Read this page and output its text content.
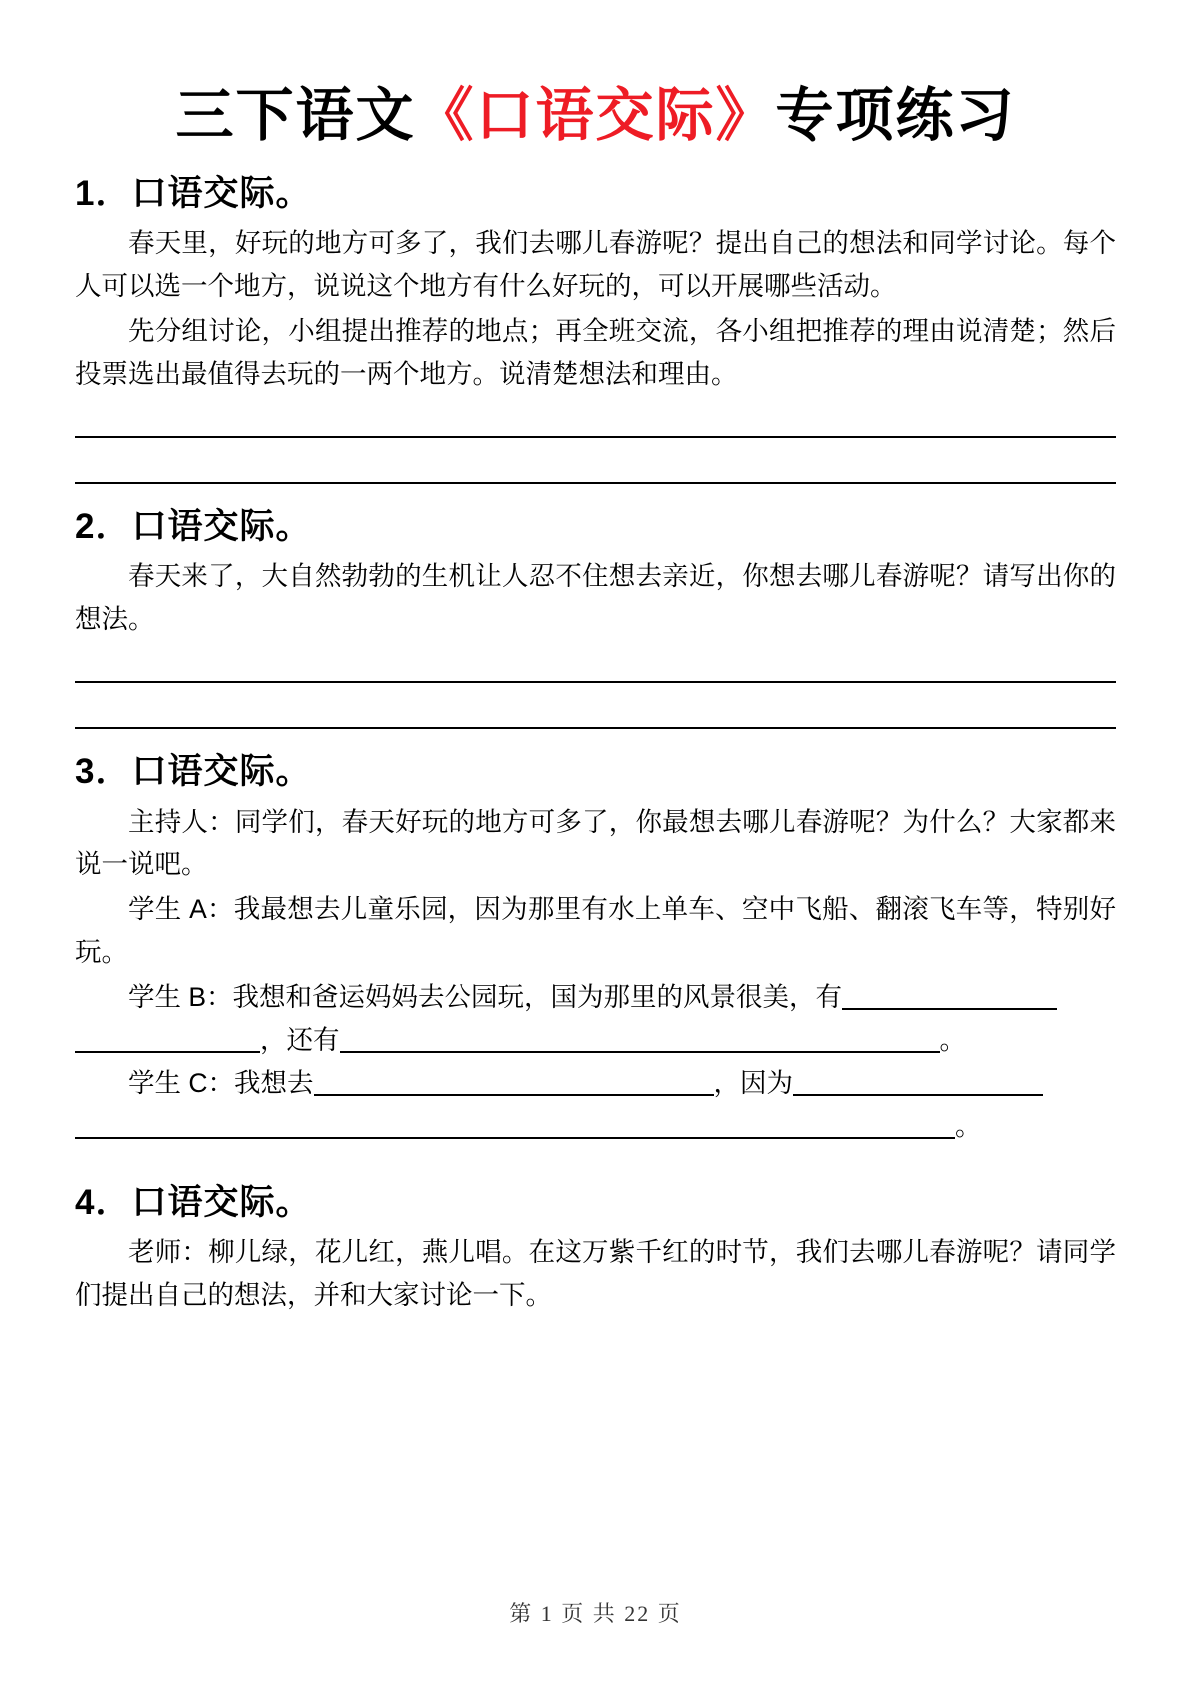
三下语文《口语交际》专项练习
1．口语交际。

春天里，好玩的地方可多了，我们去哪儿春游呢？提出自己的想法和同学讨论。每个人可以选一个地方，说说这个地方有什么好玩的，可以开展哪些活动。

先分组讨论，小组提出推荐的地点；再全班交流，各小组把推荐的理由说清楚；然后投票选出最值得去玩的一两个地方。说清楚想法和理由。

2．口语交际。

春天来了，大自然勃勃的生机让人忍不住想去亲近，你想去哪儿春游呢？请写出你的想法。

3．口语交际。

主持人：同学们，春天好玩的地方可多了，你最想去哪儿春游呢？为什么？大家都来说一说吧。

学生 A：我最想去儿童乐园，因为那里有水上单车、空中飞船、翻滚飞车等，特别好玩。

学生 B：我想和爸运妈妈去公园玩，国为那里的风景很美，有

，还有	。

学生 C：我想去	，因为

。

4．口语交际。

老师：柳儿绿，花儿红，燕儿唱。在这万紫千红的时节，我们去哪儿春游呢？请同学们提出自己的想法，并和大家讨论一下。

第 1 页 共 22 页
